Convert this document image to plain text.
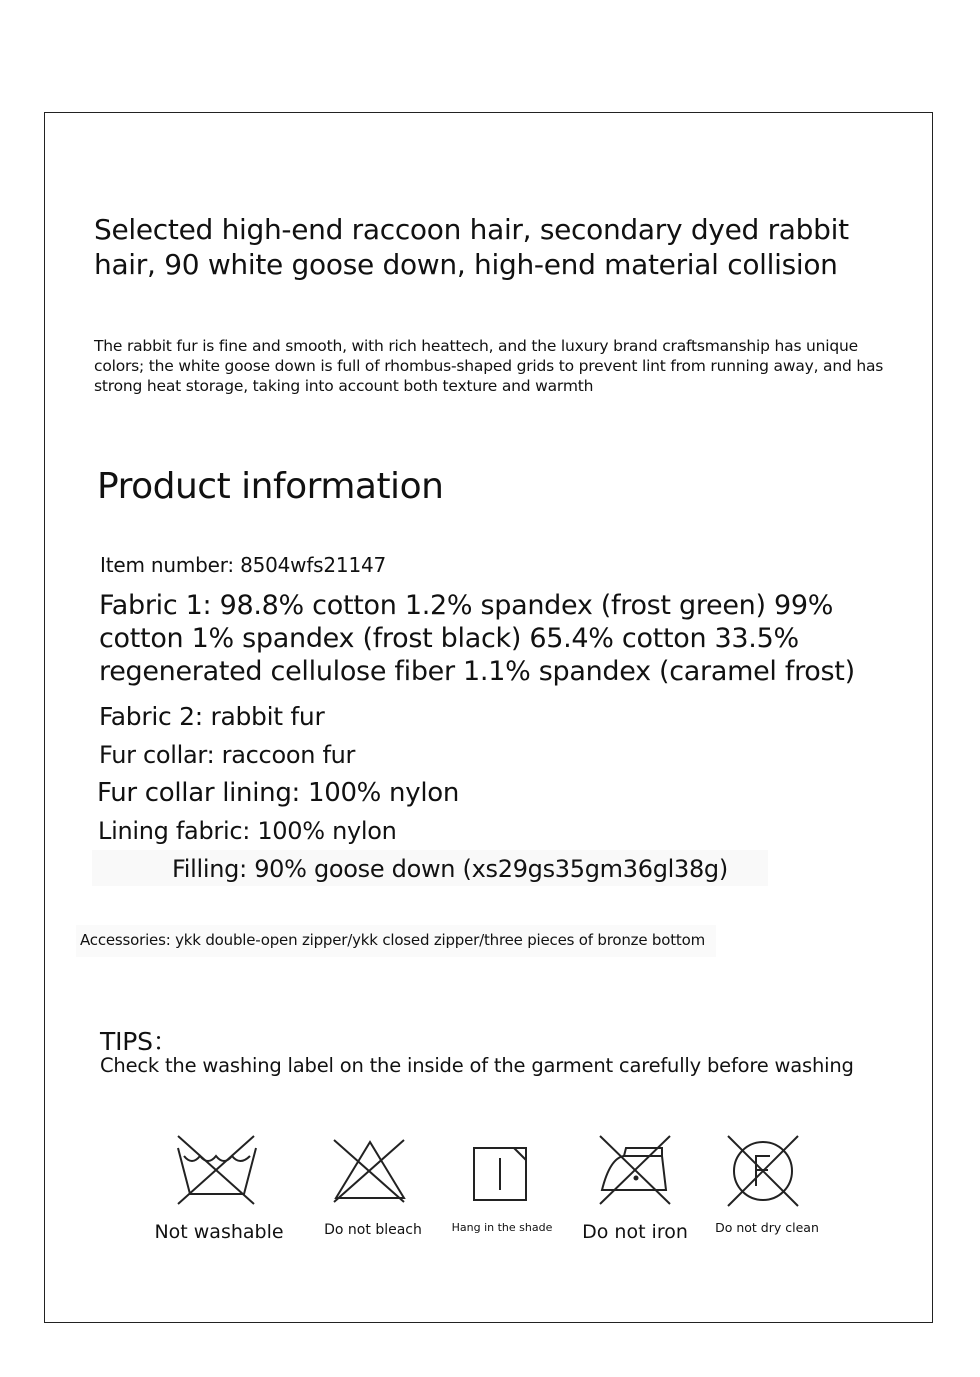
Selected high-end raccoon hair, secondary dyed rabbit hair, 90 white goose down, high-end material collision
The rabbit fur is fine and smooth, with rich heattech, and the luxury brand craftsmanship has unique colors; the white goose down is full of rhombus-shaped grids to prevent lint from running away, and has strong heat storage, taking into account both texture and warmth
Product information
Item number: 8504wfs21147
Fabric 1: 98.8% cotton 1.2% spandex (frost green) 99% cotton 1% spandex (frost black) 65.4% cotton 33.5% regenerated cellulose fiber 1.1% spandex (caramel frost)
Fabric 2: rabbit fur
Fur collar: raccoon fur
Fur collar lining: 100% nylon
Lining fabric: 100% nylon
Filling: 90% goose down (xs29gs35gm36gl38g)
Accessories: ykk double-open zipper/ykk closed zipper/three pieces of bronze bottom
TIPS：
Check the washing label on the inside of the garment carefully before washing
Not washable	Do not bleach	Hang in the shade Do not iron Do not dry clean
